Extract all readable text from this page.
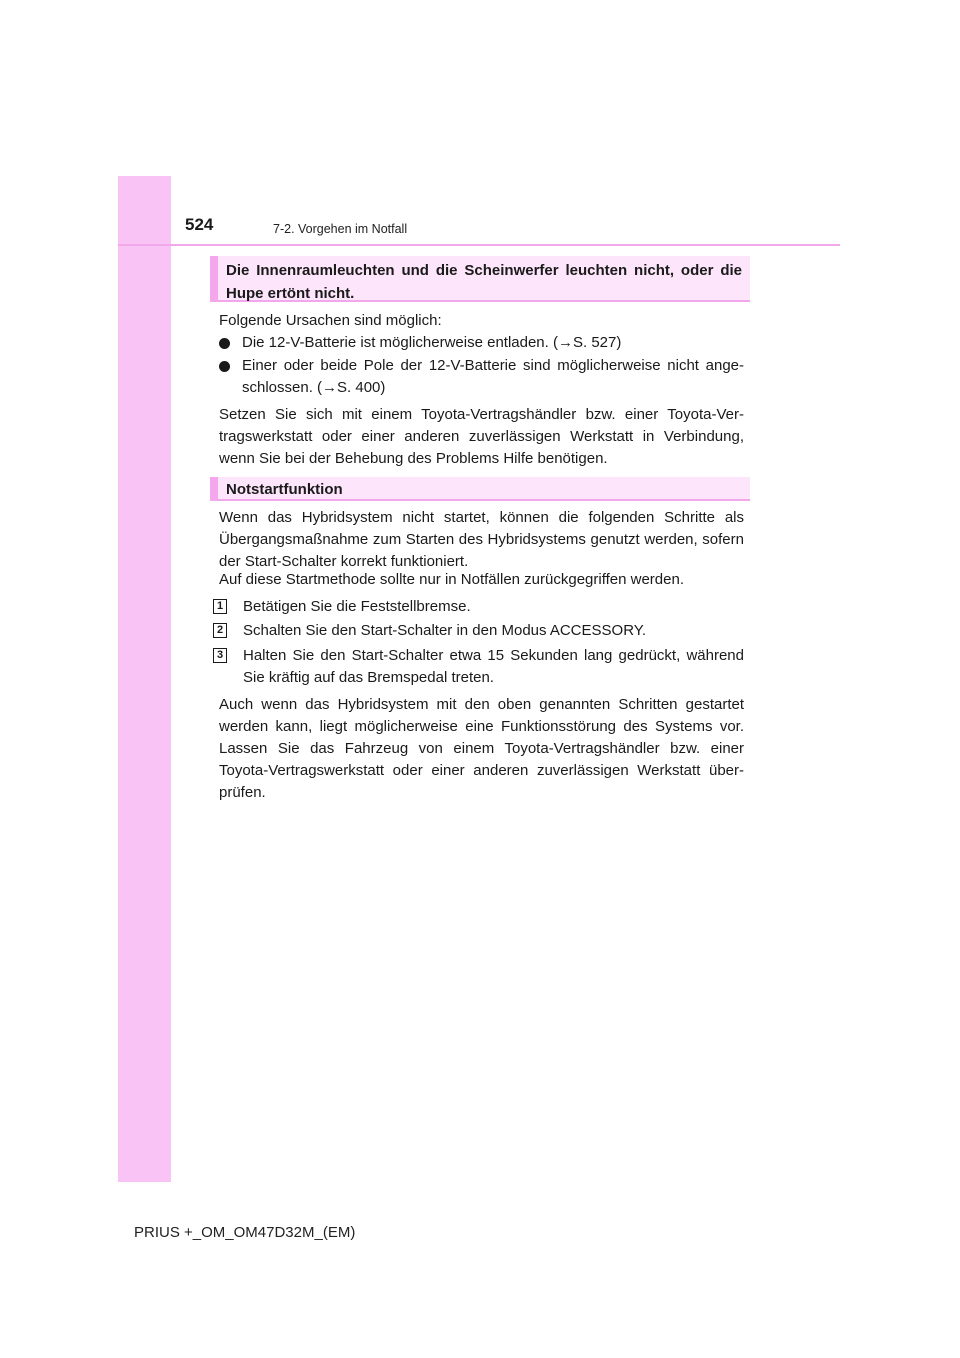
524	7-2. Vorgehen im Notfall
Die Innenraumleuchten und die Scheinwerfer leuchten nicht, oder die Hupe ertönt nicht.
Folgende Ursachen sind möglich:
Die 12-V-Batterie ist möglicherweise entladen. (→S. 527)
Einer oder beide Pole der 12-V-Batterie sind möglicherweise nicht ange-schlossen. (→S. 400)
Setzen Sie sich mit einem Toyota-Vertragshändler bzw. einer Toyota-Ver-tragswerkstatt oder einer anderen zuverlässigen Werkstatt in Verbindung, wenn Sie bei der Behebung des Problems Hilfe benötigen.
Notstartfunktion
Wenn das Hybridsystem nicht startet, können die folgenden Schritte als Übergangsmaßnahme zum Starten des Hybridsystems genutzt werden, sofern der Start-Schalter korrekt funktioniert.
Auf diese Startmethode sollte nur in Notfällen zurückgegriffen werden.
1 Betätigen Sie die Feststellbremse.
2 Schalten Sie den Start-Schalter in den Modus ACCESSORY.
3 Halten Sie den Start-Schalter etwa 15 Sekunden lang gedrückt, während Sie kräftig auf das Bremspedal treten.
Auch wenn das Hybridsystem mit den oben genannten Schritten gestartet werden kann, liegt möglicherweise eine Funktionsstörung des Systems vor. Lassen Sie das Fahrzeug von einem Toyota-Vertragshändler bzw. einer Toyota-Vertragswerkstatt oder einer anderen zuverlässigen Werkstatt über-prüfen.
PRIUS +_OM_OM47D32M_(EM)
